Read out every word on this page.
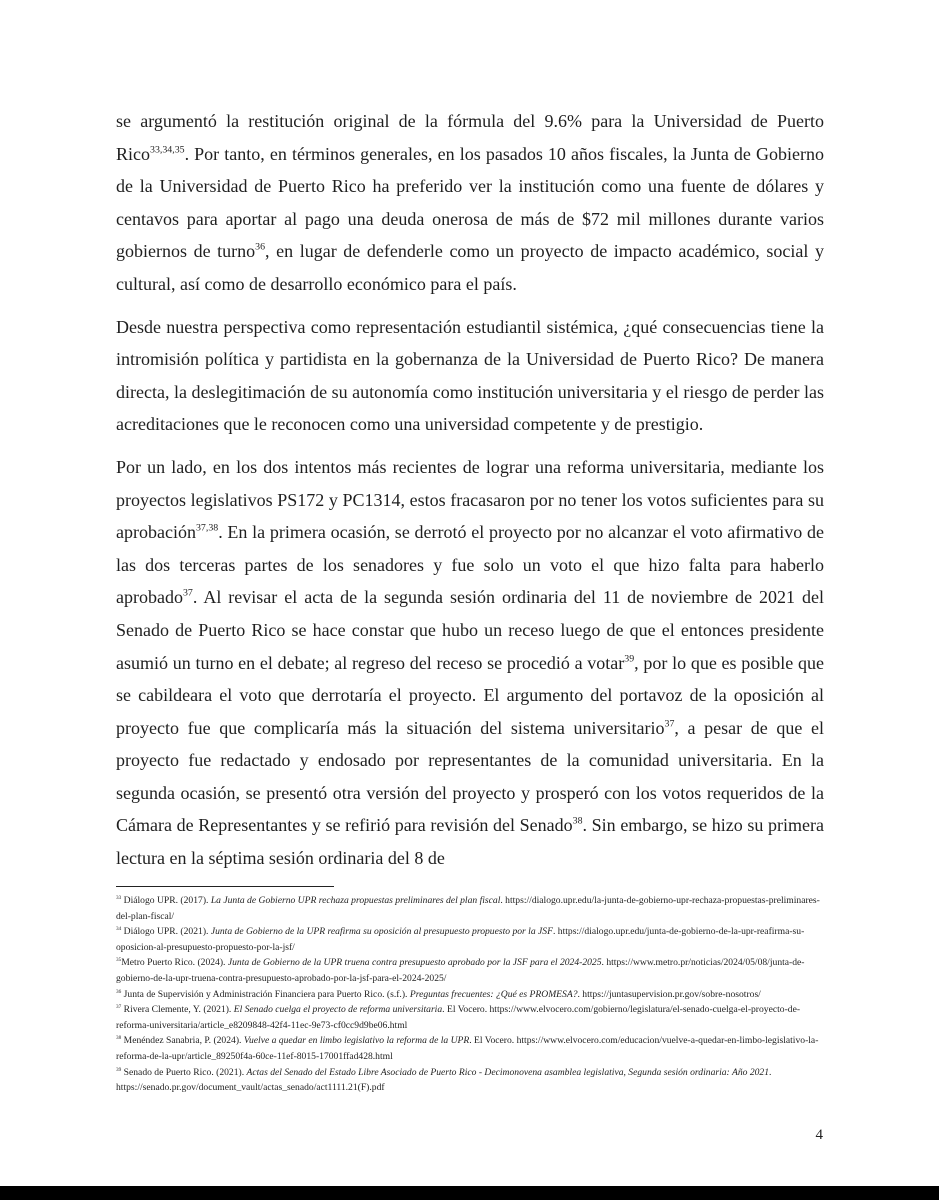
se argumentó la restitución original de la fórmula del 9.6% para la Universidad de Puerto Rico$^{33,34,35}$. Por tanto, en términos generales, en los pasados 10 años fiscales, la Junta de Gobierno de la Universidad de Puerto Rico ha preferido ver la institución como una fuente de dólares y centavos para aportar al pago una deuda onerosa de más de $72 mil millones durante varios gobiernos de turno$^{36}$, en lugar de defenderle como un proyecto de impacto académico, social y cultural, así como de desarrollo económico para el país.

Desde nuestra perspectiva como representación estudiantil sistémica, ¿qué consecuencias tiene la intromisión política y partidista en la gobernanza de la Universidad de Puerto Rico? De manera directa, la deslegitimación de su autonomía como institución universitaria y el riesgo de perder las acreditaciones que le reconocen como una universidad competente y de prestigio.

Por un lado, en los dos intentos más recientes de lograr una reforma universitaria, mediante los proyectos legislativos PS172 y PC1314, estos fracasaron por no tener los votos suficientes para su aprobación$^{37,38}$. En la primera ocasión, se derrotó el proyecto por no alcanzar el voto afirmativo de las dos terceras partes de los senadores y fue solo un voto el que hizo falta para haberlo aprobado$^{37}$. Al revisar el acta de la segunda sesión ordinaria del 11 de noviembre de 2021 del Senado de Puerto Rico se hace constar que hubo un receso luego de que el entonces presidente asumió un turno en el debate; al regreso del receso se procedió a votar$^{39}$, por lo que es posible que se cabildeara el voto que derrotaría el proyecto. El argumento del portavoz de la oposición al proyecto fue que complicaría más la situación del sistema universitario$^{37}$, a pesar de que el proyecto fue redactado y endosado por representantes de la comunidad universitaria. En la segunda ocasión, se presentó otra versión del proyecto y prosperó con los votos requeridos de la Cámara de Representantes y se refirió para revisión del Senado$^{38}$. Sin embargo, se hizo su primera lectura en la séptima sesión ordinaria del 8 de

$^{33}$ Diálogo UPR. (2017). La Junta de Gobierno UPR rechaza propuestas preliminares del plan fiscal. https://dialogo.upr.edu/la-junta-de-gobierno-upr-rechaza-propuestas-preliminares-del-plan-fiscal/

$^{34}$ Diálogo UPR. (2021). Junta de Gobierno de la UPR reafirma su oposición al presupuesto propuesto por la JSF. https://dialogo.upr.edu/junta-de-gobierno-de-la-upr-reafirma-su-oposicion-al-presupuesto-propuesto-por-la-jsf/

$^{35}$Metro Puerto Rico. (2024). Junta de Gobierno de la UPR truena contra presupuesto aprobado por la JSF para el 2024-2025. https://www.metro.pr/noticias/2024/05/08/junta-de-gobierno-de-la-upr-truena-contra-presupuesto-aprobado-por-la-jsf-para-el-2024-2025/

$^{36}$ Junta de Supervisión y Administración Financiera para Puerto Rico. (s.f.). Preguntas frecuentes: ¿Qué es PROMESA?. https://juntasupervision.pr.gov/sobre-nosotros/

$^{37}$ Rivera Clemente, Y. (2021). El Senado cuelga el proyecto de reforma universitaria. El Vocero. https://www.elvocero.com/gobierno/legislatura/el-senado-cuelga-el-proyecto-de-reforma-universitaria/article_e8209848-42f4-11ec-9e73-cf0cc9d9be06.html

$^{38}$ Menéndez Sanabria, P. (2024). Vuelve a quedar en limbo legislativo la reforma de la UPR. El Vocero. https://www.elvocero.com/educacion/vuelve-a-quedar-en-limbo-legislativo-la-reforma-de-la-upr/article_89250f4a-60ce-11ef-8015-17001ffad428.html

$^{39}$ Senado de Puerto Rico. (2021). Actas del Senado del Estado Libre Asociado de Puerto Rico - Decimonovena asamblea legislativa, Segunda sesión ordinaria: Año 2021. https://senado.pr.gov/document_vault/actas_senado/act1111.21(F).pdf

4
